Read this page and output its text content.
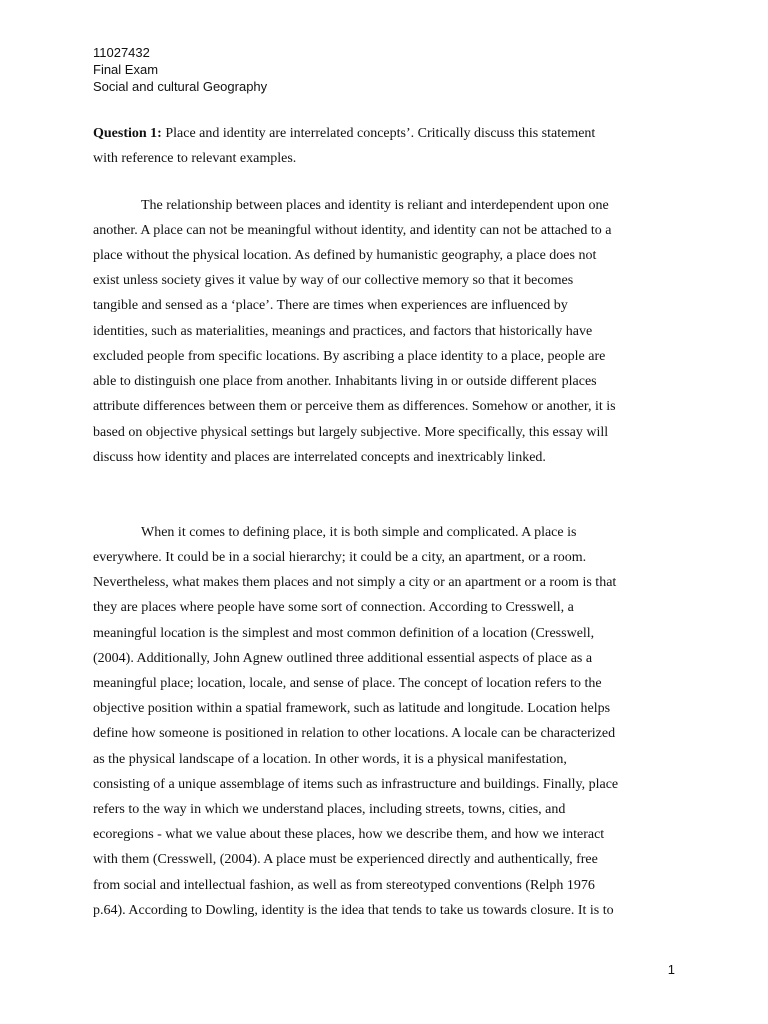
11027432
Final Exam
Social and cultural Geography
Question 1: Place and identity are interrelated concepts’. Critically discuss this statement
with reference to relevant examples.
The relationship between places and identity is reliant and interdependent upon one
another. A place can not be meaningful without identity, and identity can not be attached to a
place without the physical location. As defined by humanistic geography, a place does not
exist unless society gives it value by way of our collective memory so that it becomes
tangible and sensed as a ‘place’. There are times when experiences are influenced by
identities, such as materialities, meanings and practices, and factors that historically have
excluded people from specific locations. By ascribing a place identity to a place, people are
able to distinguish one place from another. Inhabitants living in or outside different places
attribute differences between them or perceive them as differences. Somehow or another, it is
based on objective physical settings but largely subjective. More specifically, this essay will
discuss how identity and places are interrelated concepts and inextricably linked.
When it comes to defining place, it is both simple and complicated. A place is
everywhere. It could be in a social hierarchy; it could be a city, an apartment, or a room.
Nevertheless, what makes them places and not simply a city or an apartment or a room is that
they are places where people have some sort of connection. According to Cresswell, a
meaningful location is the simplest and most common definition of a location (Cresswell,
(2004). Additionally, John Agnew outlined three additional essential aspects of place as a
meaningful place; location, locale, and sense of place. The concept of location refers to the
objective position within a spatial framework, such as latitude and longitude. Location helps
define how someone is positioned in relation to other locations. A locale can be characterized
as the physical landscape of a location. In other words, it is a physical manifestation,
consisting of a unique assemblage of items such as infrastructure and buildings. Finally, place
refers to the way in which we understand places, including streets, towns, cities, and
ecoregions - what we value about these places, how we describe them, and how we interact
with them (Cresswell, (2004). A place must be experienced directly and authentically, free
from social and intellectual fashion, as well as from stereotyped conventions (Relph 1976
p.64). According to Dowling, identity is the idea that tends to take us towards closure. It is to
1
